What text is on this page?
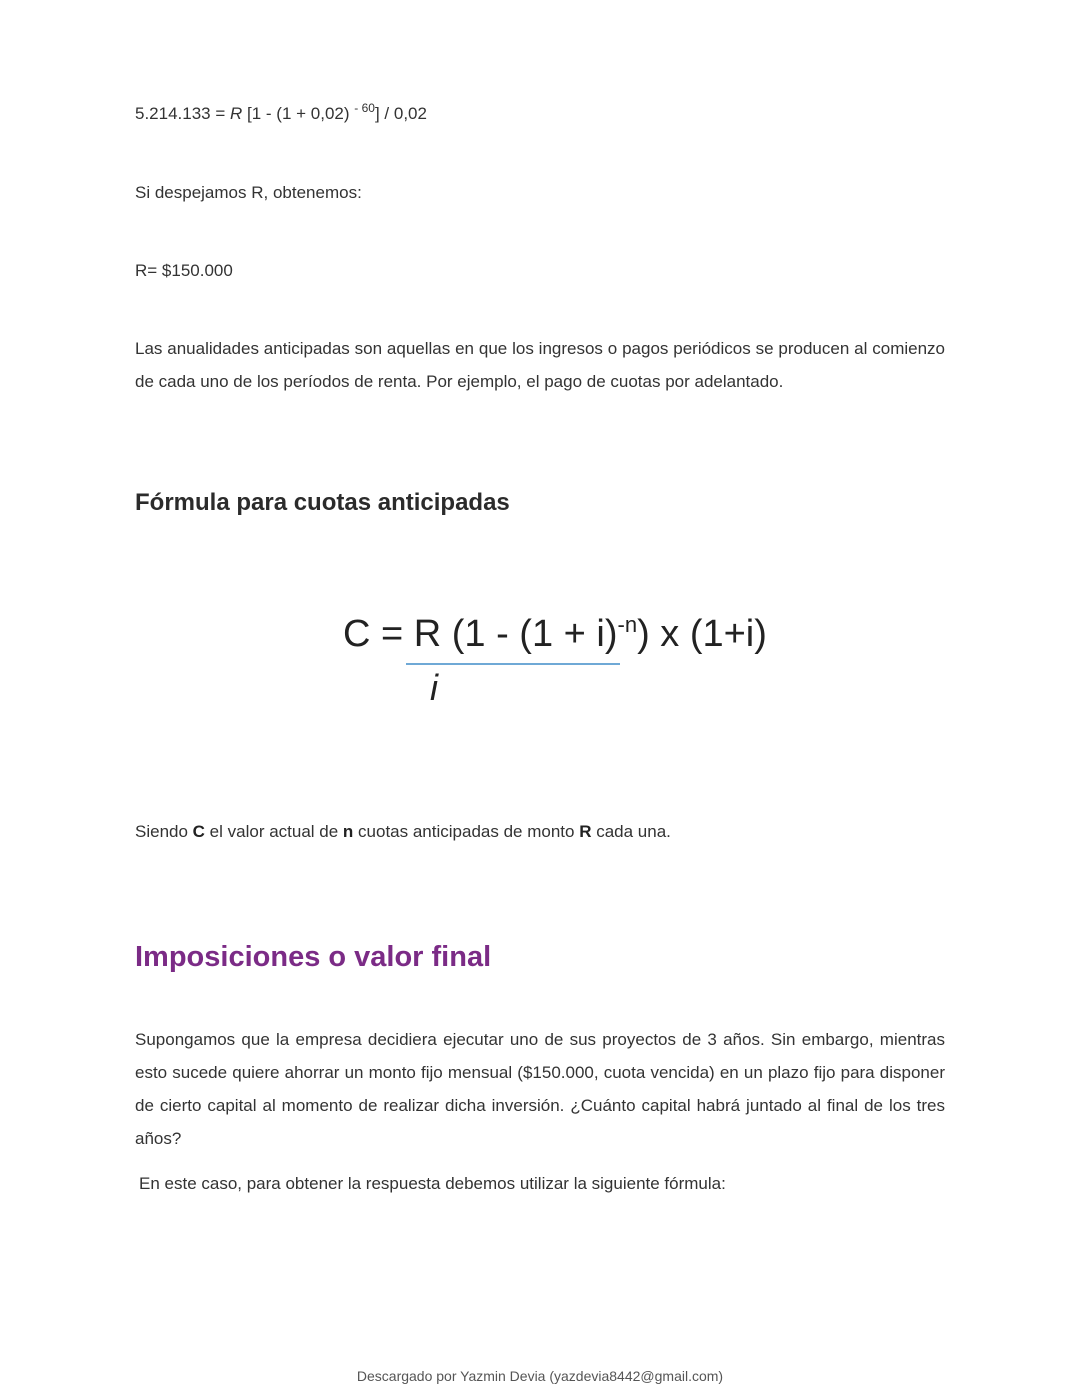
5.214.133 = R [1 - (1 + 0,02) $^{- 60}$] / 0,02
Si despejamos R, obtenemos:
R= $150.000
Las anualidades anticipadas son aquellas en que los ingresos o pagos periódicos se producen al comienzo de cada uno de los períodos de renta. Por ejemplo, el pago de cuotas por adelantado.
Fórmula para cuotas anticipadas
C = R $(1 - (1 + i)^{-n})$ x (1+i)
i
Siendo C el valor actual de n cuotas anticipadas de monto R cada una.
Imposiciones o valor final
Supongamos que la empresa decidiera ejecutar uno de sus proyectos de 3 años. Sin embargo, mientras esto sucede quiere ahorrar un monto fijo mensual ($150.000, cuota vencida) en un plazo fijo para disponer de cierto capital al momento de realizar dicha inversión. ¿Cuánto capital habrá juntado al final de los tres años?
En este caso, para obtener la respuesta debemos utilizar la siguiente fórmula:
Descargado por Yazmin Devia (yazdevia8442@gmail.com)
